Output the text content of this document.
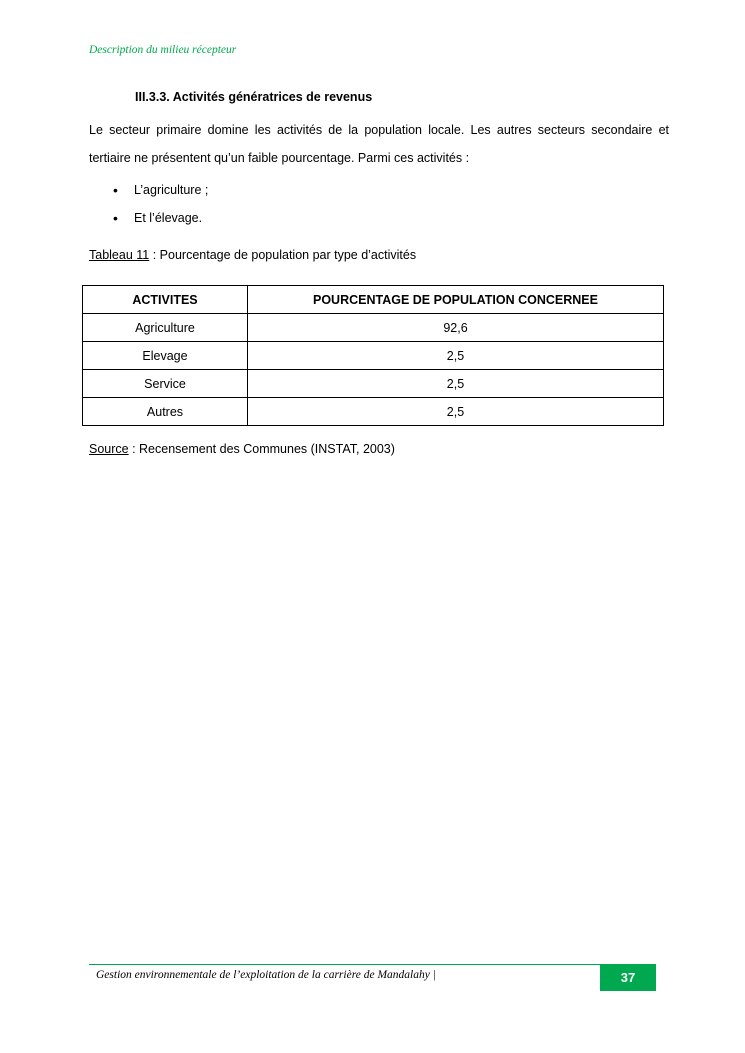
Description du milieu récepteur
III.3.3. Activités génératrices de revenus
Le secteur primaire domine les activités de la population locale. Les autres secteurs secondaire et tertiaire ne présentent qu’un faible pourcentage. Parmi ces activités :
• L’agriculture ;
• Et l’élevage.
Tableau 11 : Pourcentage de population par type d’activités
ACTIVITES	POURCENTAGE DE POPULATION CONCERNEE
Agriculture	92,6
Elevage	2,5
Service	2,5
Autres	2,5
Source : Recensement des Communes (INSTAT, 2003)
Gestion environnementale de l’exploitation de la carrière de Mandalahy |	37
